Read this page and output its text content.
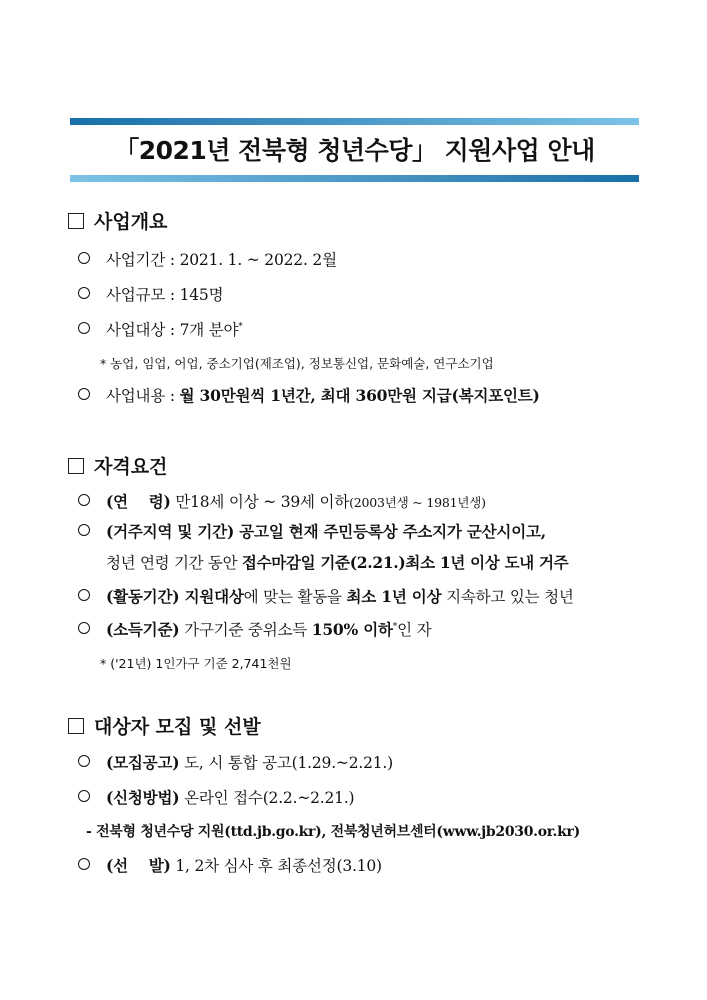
「2021년 전북형 청년수당」 지원사업 안내
사업개요
사업기간 : 2021. 1. ~ 2022. 2월
사업규모 : 145명
사업대상 : 7개 분야*
* 농업, 임업, 어업, 중소기업(제조업), 정보통신업, 문화예술, 연구소기업
사업내용 : 월 30만원씩 1년간, 최대 360만원 지급(복지포인트)
자격요건
(연    령) 만18세 이상 ~ 39세 이하(2003년생 ~ 1981년생)
(거주지역 및 기간) 공고일 현재 주민등록상 주소지가 군산시이고,
청년 연령 기간 동안 접수마감일 기준(2.21.)최소 1년 이상 도내 거주
(활동기간) 지원대상에 맞는 활동을 최소 1년 이상 지속하고 있는 청년
(소득기준) 가구기준 중위소득 150% 이하*인 자
* ('21년) 1인가구 기준 2,741천원
대상자 모집 및 선발
(모집공고) 도, 시 통합 공고(1.29.~2.21.)
(신청방법) 온라인 접수(2.2.~2.21.)
- 전북형 청년수당 지원(ttd.jb.go.kr), 전북청년허브센터(www.jb2030.or.kr)
(선    발) 1, 2차 심사 후 최종선정(3.10)
